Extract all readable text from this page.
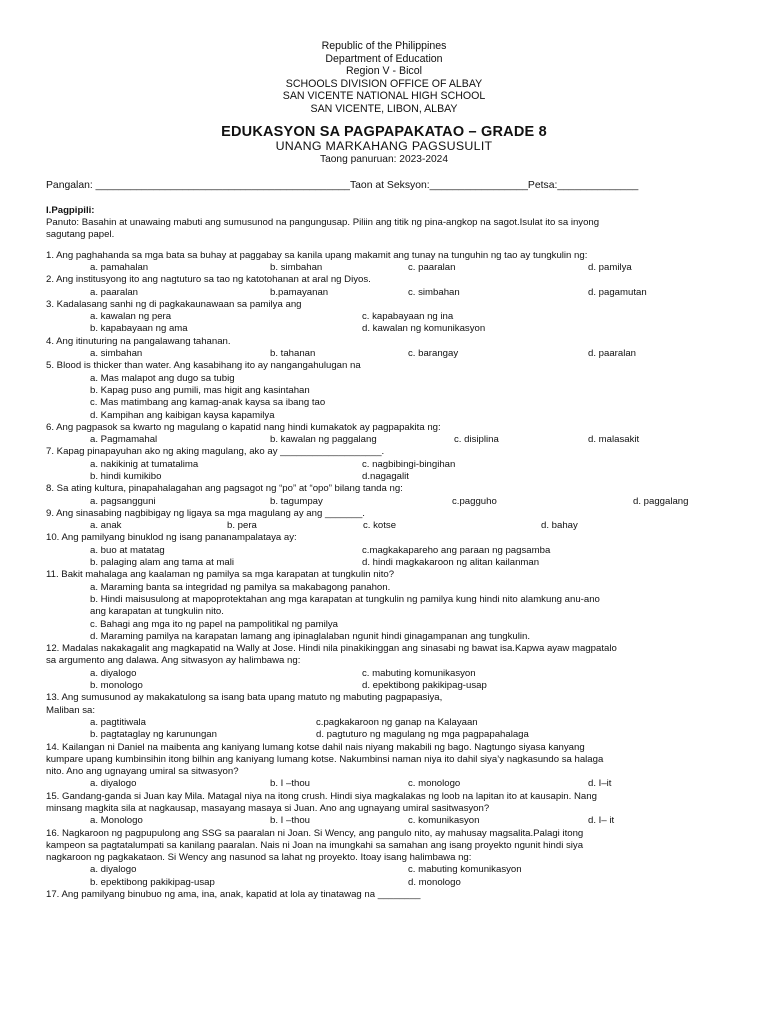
Republic of the Philippines
Department of Education
Region V - Bicol
SCHOOLS DIVISION OFFICE OF ALBAY
SAN VICENTE NATIONAL HIGH SCHOOL
SAN VICENTE, LIBON, ALBAY
EDUKASYON SA PAGPAPAKATAO – GRADE 8
UNANG MARKAHANG PAGSUSULIT
Taong panuruan: 2023-2024
Pangalan: ____________________________________________Taon at Seksyon:_________________Petsa:______________
I.Pagpipili:
Panuto: Basahin at unawaing mabuti ang sumusunod na pangungusap. Piliin ang titik ng pina-angkop na sagot.Isulat ito sa inyong
sagutang papel.
1. Ang paghahanda sa mga bata sa buhay at paggabay sa kanila upang makamit ang tunay na tunguhin ng tao ay tungkulin ng:
a. pamahalan	b. simbahan	c. paaralan	d. pamilya
2. Ang institusyong ito ang nagtuturo sa tao ng katotohanan at aral ng Diyos.
a. paaralan	b.pamayanan	c. simbahan	d. pagamutan
3. Kadalasang sanhi ng di pagkakaunawaan sa pamilya ang
a. kawalan ng pera	c. kapabayaan ng ina
b. kapabayaan ng ama	d. kawalan ng komunikasyon
4. Ang itinuturing na pangalawang tahanan.
a. simbahan	b. tahanan	c. barangay	d. paaralan
5. Blood is thicker than water. Ang kasabihang ito ay nangangahulugan na
a. Mas malapot ang dugo sa tubig
b. Kapag puso ang pumili, mas higit ang kasintahan
c. Mas matimbang ang kamag-anak kaysa sa ibang tao
d. Kampihan ang kaibigan kaysa kapamilya
6. Ang pagpasok sa kwarto ng magulang o kapatid nang hindi kumakatok ay pagpapakita ng:
a. Pagmamahal	b. kawalan ng paggalang	c. disiplina	d. malasakit
7. Kapag pinapayuhan ako ng aking magulang, ako ay ___________________.
a. nakikinig at tumatalima	c. nagbibingi-bingihan
b. hindi kumikibo	d.nagagalit
8. Sa ating kultura, pinapahalagahan ang pagsagot ng “po” at “opo” bilang tanda ng:
a. pagsangguni	b. tagumpay	c.pagguho	d. paggalang
9. Ang sinasabing nagbibigay ng ligaya sa mga magulang ay ang _______.
a. anak	b. pera	c. kotse	d. bahay
10. Ang pamilyang binuklod ng isang pananampalataya ay:
a. buo at matatag	c.magkakapareho ang paraan ng pagsamba
b. palaging alam ang tama at mali	d. hindi magkakaroon ng alitan kailanman
11. Bakit mahalaga ang kaalaman ng pamilya sa mga karapatan at tungkulin nito?
a. Maraming banta sa integridad ng pamilya sa makabagong panahon.
b. Hindi maisusulong at mapoprotektahan ang mga karapatan at tungkulin ng pamilya kung hindi nito alamkung anu-ano
ang karapatan at tungkulin nito.
c. Bahagi ang mga ito ng papel na pampolitikal ng pamilya
d. Maraming pamilya na karapatan lamang ang ipinaglalaban ngunit hindi ginagampanan ang tungkulin.
12. Madalas nakakagalit ang magkapatid na Wally at Jose. Hindi nila pinakikinggan ang sinasabi ng bawat isa.Kapwa ayaw magpatalo
sa argumento ang dalawa. Ang sitwasyon ay halimbawa ng:
a. diyalogo	c. mabuting komunikasyon
b. monologo	d. epektibong pakikipag-usap
13. Ang sumusunod ay makakatulong sa isang bata upang matuto ng mabuting pagpapasiya,
Maliban sa:
a. pagtitiwala	c.pagkakaroon ng ganap na Kalayaan
b. pagtataglay ng karunungan	d. pagtuturo ng magulang ng mga pagpapahalaga
14. Kailangan ni Daniel na maibenta ang kaniyang lumang kotse dahil nais niyang makabili ng bago. Nagtungo siyasa kanyang
kumpare upang kumbinsihin itong bilhin ang kaniyang lumang kotse. Nakumbinsi naman niya ito dahil siya’y nagkasundo sa halaga
nito. Ano ang ugnayang umiral sa sitwasyon?
a. diyalogo	b. I –thou	c. monologo	d. I–it
15. Gandang-ganda si Juan kay Mila. Matagal niya na itong crush. Hindi siya magkalakas ng loob na lapitan ito at kausapin. Nang
minsang magkita sila at nagkausap, masayang masaya si Juan. Ano ang ugnayang umiral sasitwasyon?
a. Monologo	b. I –thou	c. komunikasyon	d. I– it
16. Nagkaroon ng pagpupulong ang SSG sa paaralan ni Joan. Si Wency, ang pangulo nito, ay mahusay magsalita.Palagi itong
kampeon sa pagtatalumpati sa kanilang paaralan. Nais ni Joan na imungkahi sa samahan ang isang proyekto ngunit hindi siya
nagkaroon ng pagkakataon. Si Wency ang nasunod sa lahat ng proyekto. Itoay isang halimbawa ng:
a. diyalogo	c. mabuting komunikasyon
b. epektibong pakikipag-usap	d. monologo
17. Ang pamilyang binubuo ng ama, ina, anak, kapatid at lola ay tinatawag na ________
